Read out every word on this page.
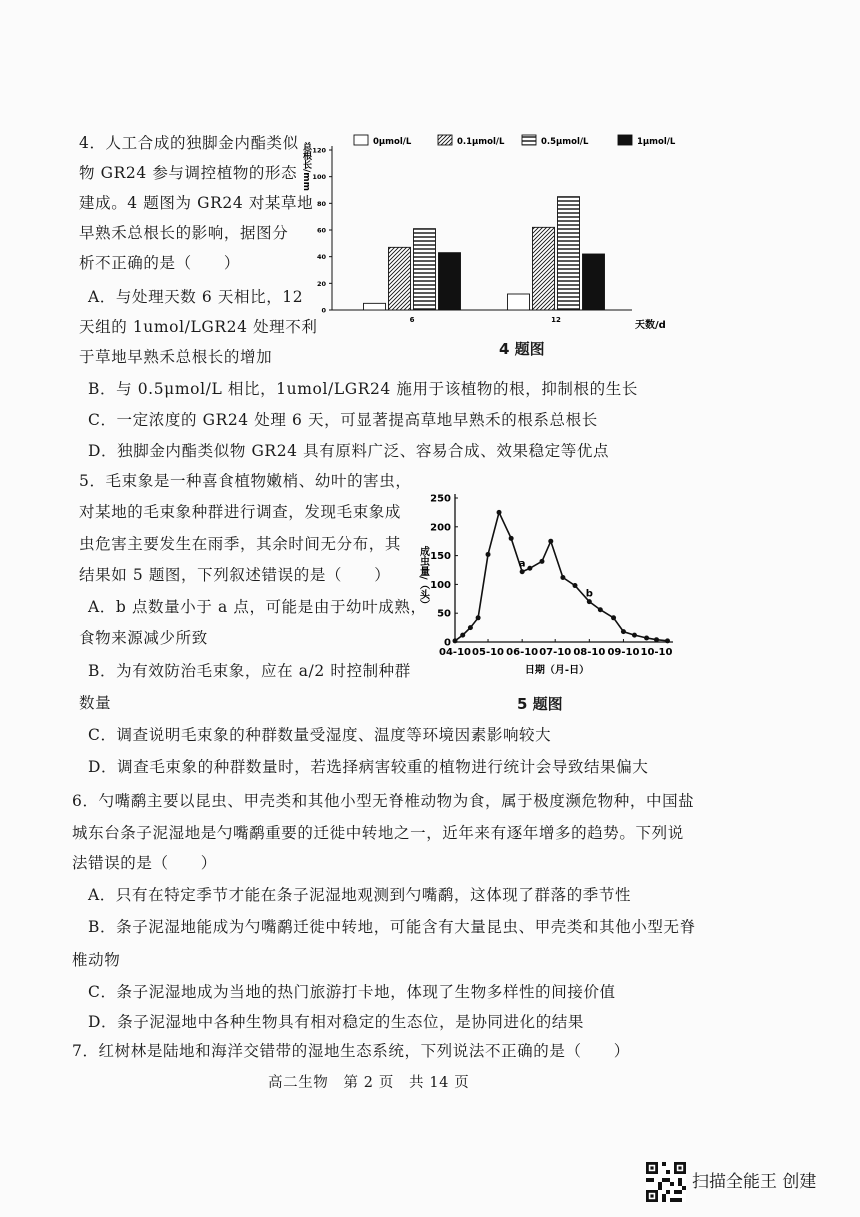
4．人工合成的独脚金内酯类似
物 GR24 参与调控植物的形态
建成。4 题图为 GR24 对某草地
早熟禾总根长的影响，据图分
析不正确的是（　　）
A．与处理天数 6 天相比，12
天组的 1umol/LGR24 处理不利
于草地早熟禾总根长的增加
0
20
40
60
80
100
120
总根长/mm
6	12	天数/d
0μmol/L	0.1μmol/L	0.5μmol/L	1μmol/L
4 题图
B．与 0.5μmol/L 相比，1umol/LGR24 施用于该植物的根，抑制根的生长
C．一定浓度的 GR24 处理 6 天，可显著提高草地早熟禾的根系总根长
D．独脚金内酯类似物 GR24 具有原料广泛、容易合成、效果稳定等优点
5．毛束象是一种喜食植物嫩梢、幼叶的害虫，
对某地的毛束象种群进行调查，发现毛束象成
虫危害主要发生在雨季，其余时间无分布，其
结果如 5 题图，下列叙述错误的是（　　）
A．b 点数量小于 a 点，可能是由于幼叶成熟，
食物来源减少所致
B．为有效防治毛束象，应在 a/2 时控制种群
数量
0
50
100
150
200
250
04-10 05-10 06-10 07-10 08-10 09-10 10-10
成虫量/（头）
日期（月-日）
a
b
5 题图
C．调查说明毛束象的种群数量受湿度、温度等环境因素影响较大
D．调查毛束象的种群数量时，若选择病害较重的植物进行统计会导致结果偏大
6．勺嘴鹬主要以昆虫、甲壳类和其他小型无脊椎动物为食，属于极度濒危物种，中国盐
城东台条子泥湿地是勺嘴鹬重要的迁徙中转地之一，近年来有逐年增多的趋势。下列说
法错误的是（　　）
A．只有在特定季节才能在条子泥湿地观测到勺嘴鹬，这体现了群落的季节性
B．条子泥湿地能成为勺嘴鹬迁徙中转地，可能含有大量昆虫、甲壳类和其他小型无脊
椎动物
C．条子泥湿地成为当地的热门旅游打卡地，体现了生物多样性的间接价值
D．条子泥湿地中各种生物具有相对稳定的生态位，是协同进化的结果
7．红树林是陆地和海洋交错带的湿地生态系统，下列说法不正确的是（　　）
高二生物　第 2 页　共 14 页
扫描全能王 创建
